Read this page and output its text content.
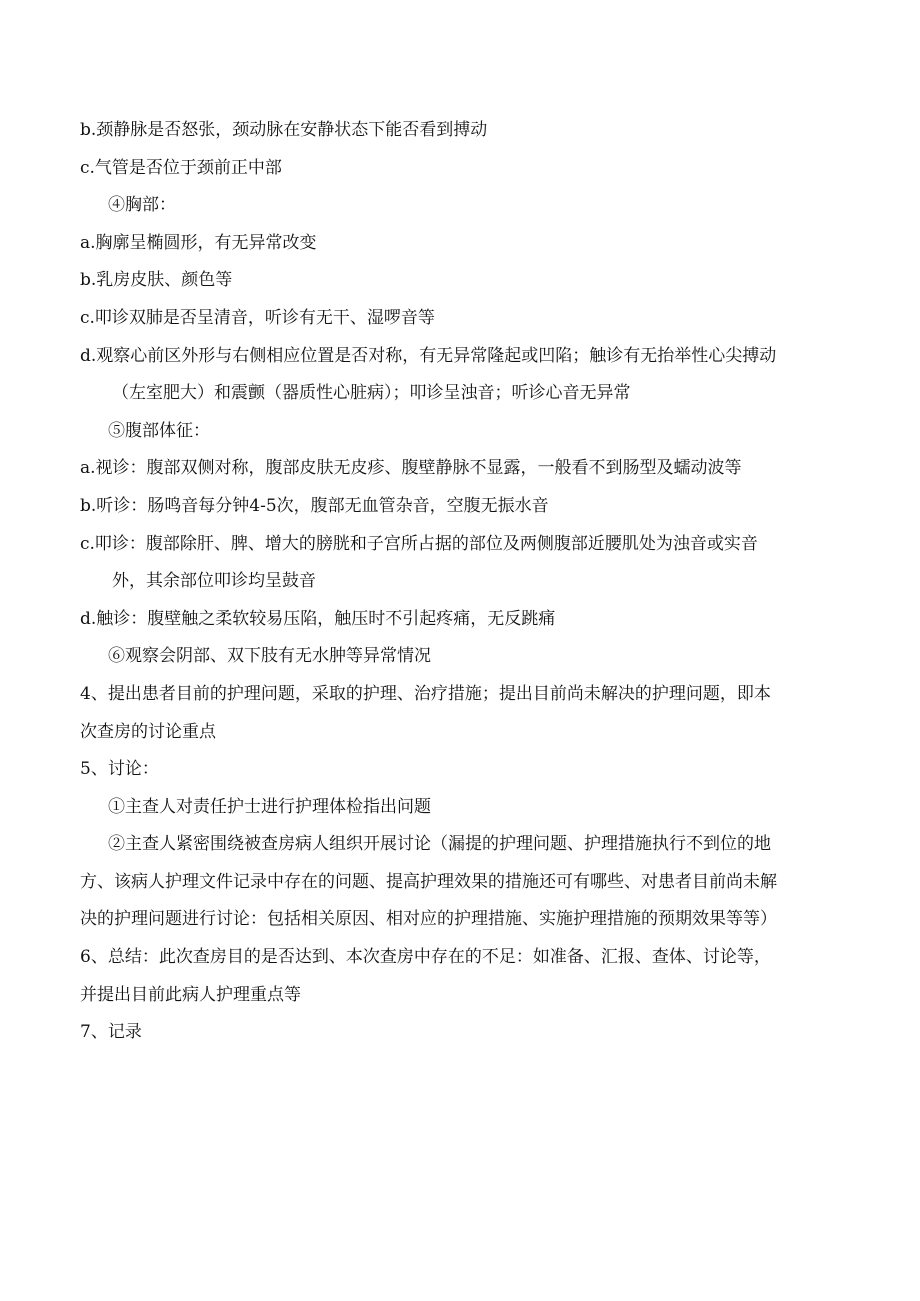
b.颈静脉是否怒张，颈动脉在安静状态下能否看到搏动
c.气管是否位于颈前正中部
④胸部：
a.胸廓呈椭圆形，有无异常改变
b.乳房皮肤、颜色等
c.叩诊双肺是否呈清音，听诊有无干、湿啰音等
d.观察心前区外形与右侧相应位置是否对称，有无异常隆起或凹陷；触诊有无抬举性心尖搏动
（左室肥大）和震颤（器质性心脏病）；叩诊呈浊音；听诊心音无异常
⑤腹部体征：
a.视诊：腹部双侧对称，腹部皮肤无皮疹、腹壁静脉不显露，一般看不到肠型及蠕动波等
b.听诊：肠鸣音每分钟4-5次，腹部无血管杂音，空腹无振水音
c.叩诊：腹部除肝、脾、增大的膀胱和子宫所占据的部位及两侧腹部近腰肌处为浊音或实音
外，其余部位叩诊均呈鼓音
d.触诊：腹壁触之柔软较易压陷，触压时不引起疼痛，无反跳痛
⑥观察会阴部、双下肢有无水肿等异常情况
4、提出患者目前的护理问题，采取的护理、治疗措施；提出目前尚未解决的护理问题，即本
次查房的讨论重点
5、讨论：
①主查人对责任护士进行护理体检指出问题
②主查人紧密围绕被查房病人组织开展讨论（漏提的护理问题、护理措施执行不到位的地
方、该病人护理文件记录中存在的问题、提高护理效果的措施还可有哪些、对患者目前尚未解
决的护理问题进行讨论：包括相关原因、相对应的护理措施、实施护理措施的预期效果等等）
6、总结：此次查房目的是否达到、本次查房中存在的不足：如准备、汇报、查体、讨论等，
并提出目前此病人护理重点等
7、记录
